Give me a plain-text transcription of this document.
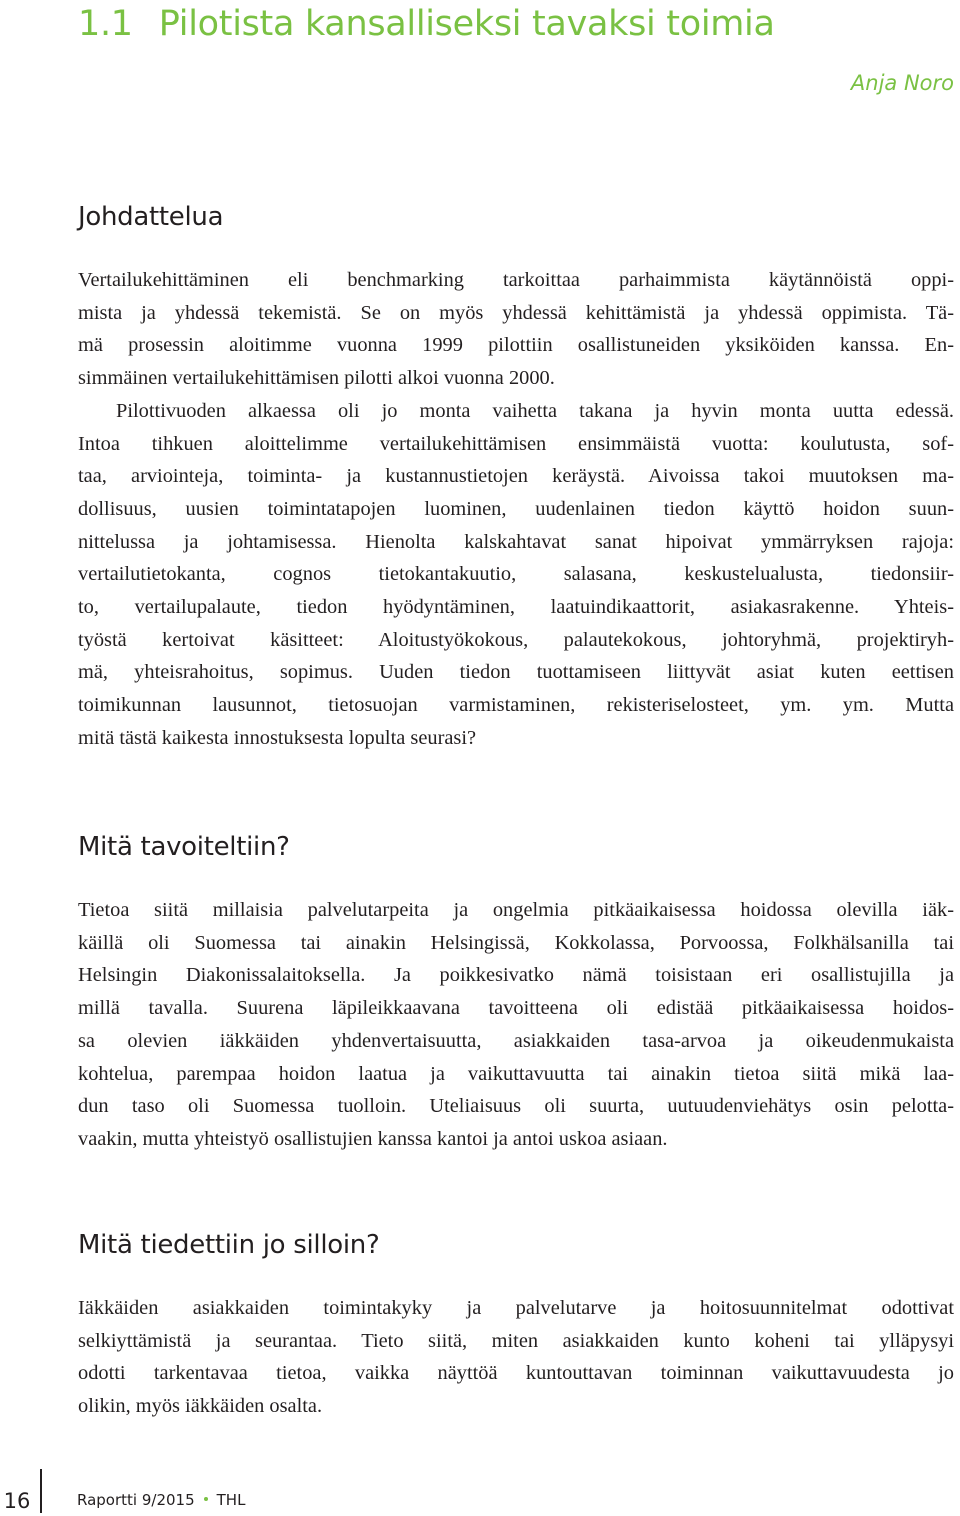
1.1 Pilotista kansalliseksi tavaksi toimia
Anja Noro
Johdattelua
Vertailukehittäminen eli benchmarking tarkoittaa parhaimmista käytännöistä oppi-
mista ja yhdessä tekemistä. Se on myös yhdessä kehittämistä ja yhdessä oppimista. Tä-
mä prosessin aloitimme vuonna 1999 pilottiin osallistuneiden yksiköiden kanssa. En-
simmäinen vertailukehittämisen pilotti alkoi vuonna 2000.
Pilottivuoden alkaessa oli jo monta vaihetta takana ja hyvin monta uutta edessä.
Intoa tihkuen aloittelimme vertailukehittämisen ensimmäistä vuotta: koulutusta, sof-
taa, arviointeja, toiminta- ja kustannustietojen keräystä. Aivoissa takoi muutoksen ma-
dollisuus, uusien toimintatapojen luominen, uudenlainen tiedon käyttö hoidon suun-
nittelussa ja johtamisessa. Hienolta kalskahtavat sanat hipoivat ymmärryksen rajoja:
vertailutietokanta, cognos tietokantakuutio, salasana, keskustelualusta, tiedonsiir-
to, vertailupalaute, tiedon hyödyntäminen, laatuindikaattorit, asiakasrakenne. Yhteis-
työstä kertoivat käsitteet: Aloitustyökokous, palautekokous, johtoryhmä, projektiryh-
mä, yhteisrahoitus, sopimus. Uuden tiedon tuottamiseen liittyvät asiat kuten eettisen
toimikunnan lausunnot, tietosuojan varmistaminen, rekisteriselosteet, ym. ym. Mutta
mitä tästä kaikesta innostuksesta lopulta seurasi?
Mitä tavoiteltiin?
Tietoa siitä millaisia palvelutarpeita ja ongelmia pitkäaikaisessa hoidossa olevilla iäk-
käillä oli Suomessa tai ainakin Helsingissä, Kokkolassa, Porvoossa, Folkhälsanilla tai
Helsingin Diakonissalaitoksella. Ja poikkesivatko nämä toisistaan eri osallistujilla ja
millä tavalla. Suurena läpileikkaavana tavoitteena oli edistää pitkäaikaisessa hoidos-
sa olevien iäkkäiden yhdenvertaisuutta, asiakkaiden tasa-arvoa ja oikeudenmukaista
kohtelua, parempaa hoidon laatua ja vaikuttavuutta tai ainakin tietoa siitä mikä laa-
dun taso oli Suomessa tuolloin. Uteliaisuus oli suurta, uutuudenviehätys osin pelotta-
vaakin, mutta yhteistyö osallistujien kanssa kantoi ja antoi uskoa asiaan.
Mitä tiedettiin jo silloin?
Iäkkäiden asiakkaiden toimintakyky ja palvelutarve ja hoitosuunnitelmat odottivat
selkiyttämistä ja seurantaa. Tieto siitä, miten asiakkaiden kunto koheni tai ylläpysyi
odotti tarkentavaa tietoa, vaikka näyttöä kuntouttavan toiminnan vaikuttavuudesta jo
olikin, myös iäkkäiden osalta.
16	Raportti 9/2015 THL
